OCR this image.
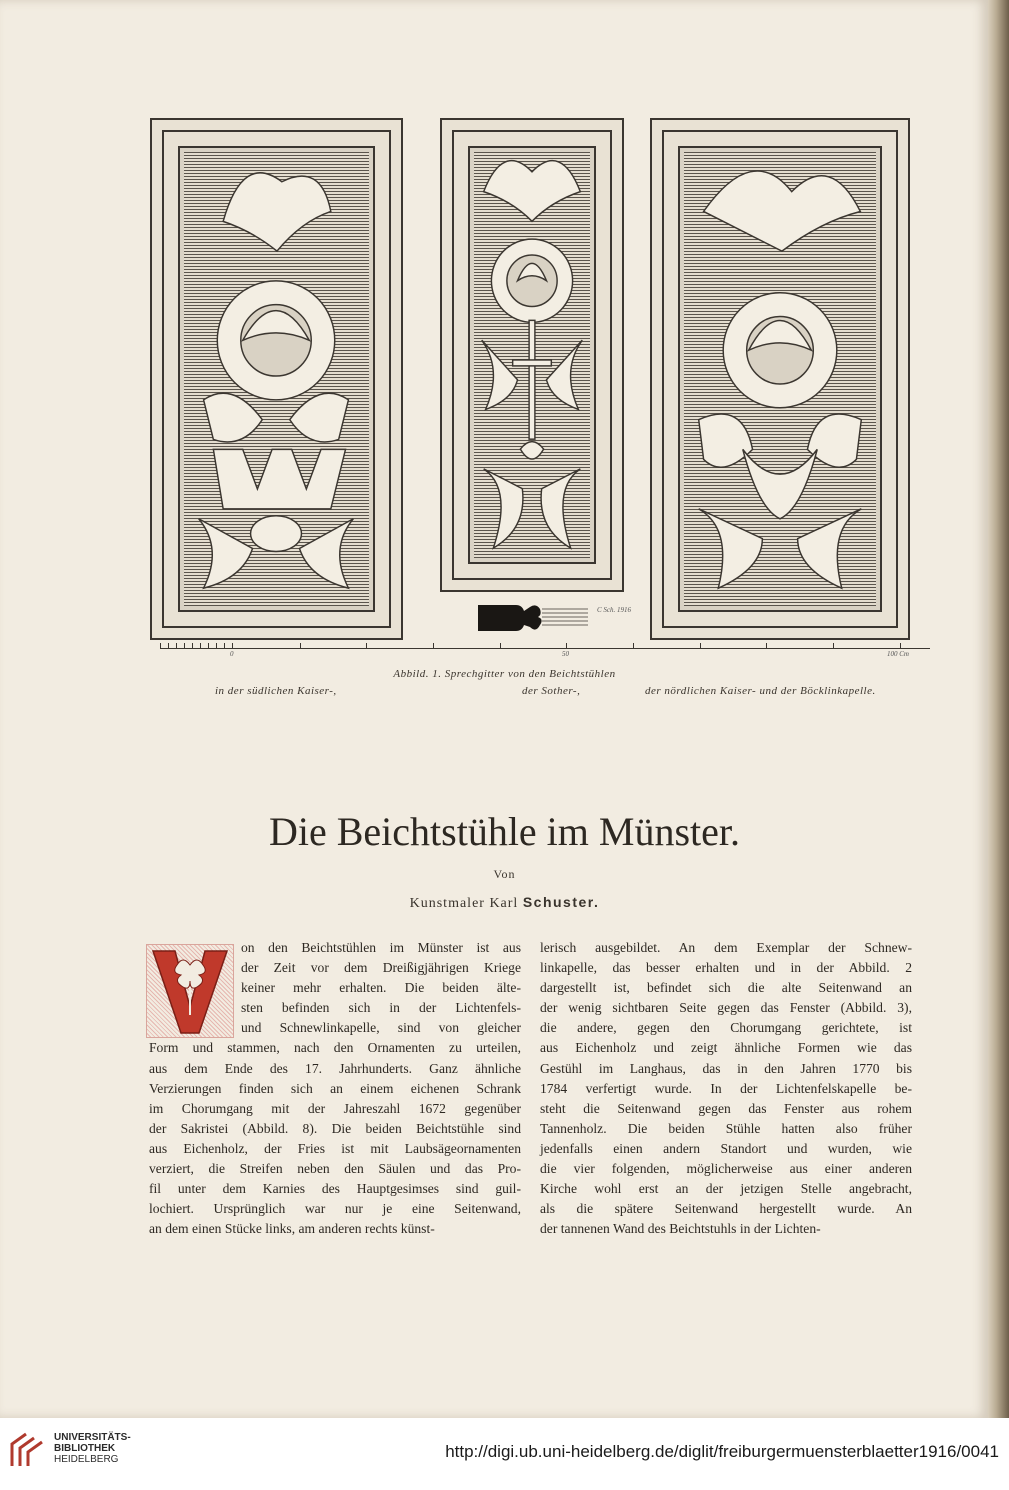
C Sch. 1916
0	50	100 Cm
Abbild. 1. Sprechgitter von den Beichtstühlen
in der südlichen Kaiser-,	der Sother-,	der nördlichen Kaiser- und der Böcklinkapelle.
Die Beichtstühle im Münster.
Von
Kunstmaler Karl Schuster.
on den Beichtstühlen im Münster ist aus
der Zeit vor dem Dreißigjährigen Kriege
keiner mehr erhalten. Die beiden älte-
sten befinden sich in der Lichtenfels-
und Schnewlinkapelle, sind von gleicher
Form und stammen, nach den Ornamenten zu urteilen,
aus dem Ende des 17. Jahrhunderts. Ganz ähnliche
Verzierungen finden sich an einem eichenen Schrank
im Chorumgang mit der Jahreszahl 1672 gegenüber
der Sakristei (Abbild. 8). Die beiden Beichtstühle sind
aus Eichenholz, der Fries ist mit Laubsägeornamenten
verziert, die Streifen neben den Säulen und das Pro-
fil unter dem Karnies des Hauptgesimses sind guil-
lochiert. Ursprünglich war nur je eine Seitenwand,
an dem einen Stücke links, am anderen rechts künst-
lerisch ausgebildet. An dem Exemplar der Schnew-
linkapelle, das besser erhalten und in der Abbild. 2
dargestellt ist, befindet sich die alte Seitenwand an
der wenig sichtbaren Seite gegen das Fenster (Abbild. 3),
die andere, gegen den Chorumgang gerichtete, ist
aus Eichenholz und zeigt ähnliche Formen wie das
Gestühl im Langhaus, das in den Jahren 1770 bis
1784 verfertigt wurde. In der Lichtenfelskapelle be-
steht die Seitenwand gegen das Fenster aus rohem
Tannenholz. Die beiden Stühle hatten also früher
jedenfalls einen andern Standort und wurden, wie
die vier folgenden, möglicherweise aus einer anderen
Kirche wohl erst an der jetzigen Stelle angebracht,
als die spätere Seitenwand hergestellt wurde. An
der tannenen Wand des Beichtstuhls in der Lichten-
UNIVERSITÄTS-
BIBLIOTHEK
HEIDELBERG	http://digi.ub.uni-heidelberg.de/diglit/freiburgermuensterblaetter1916/0041
